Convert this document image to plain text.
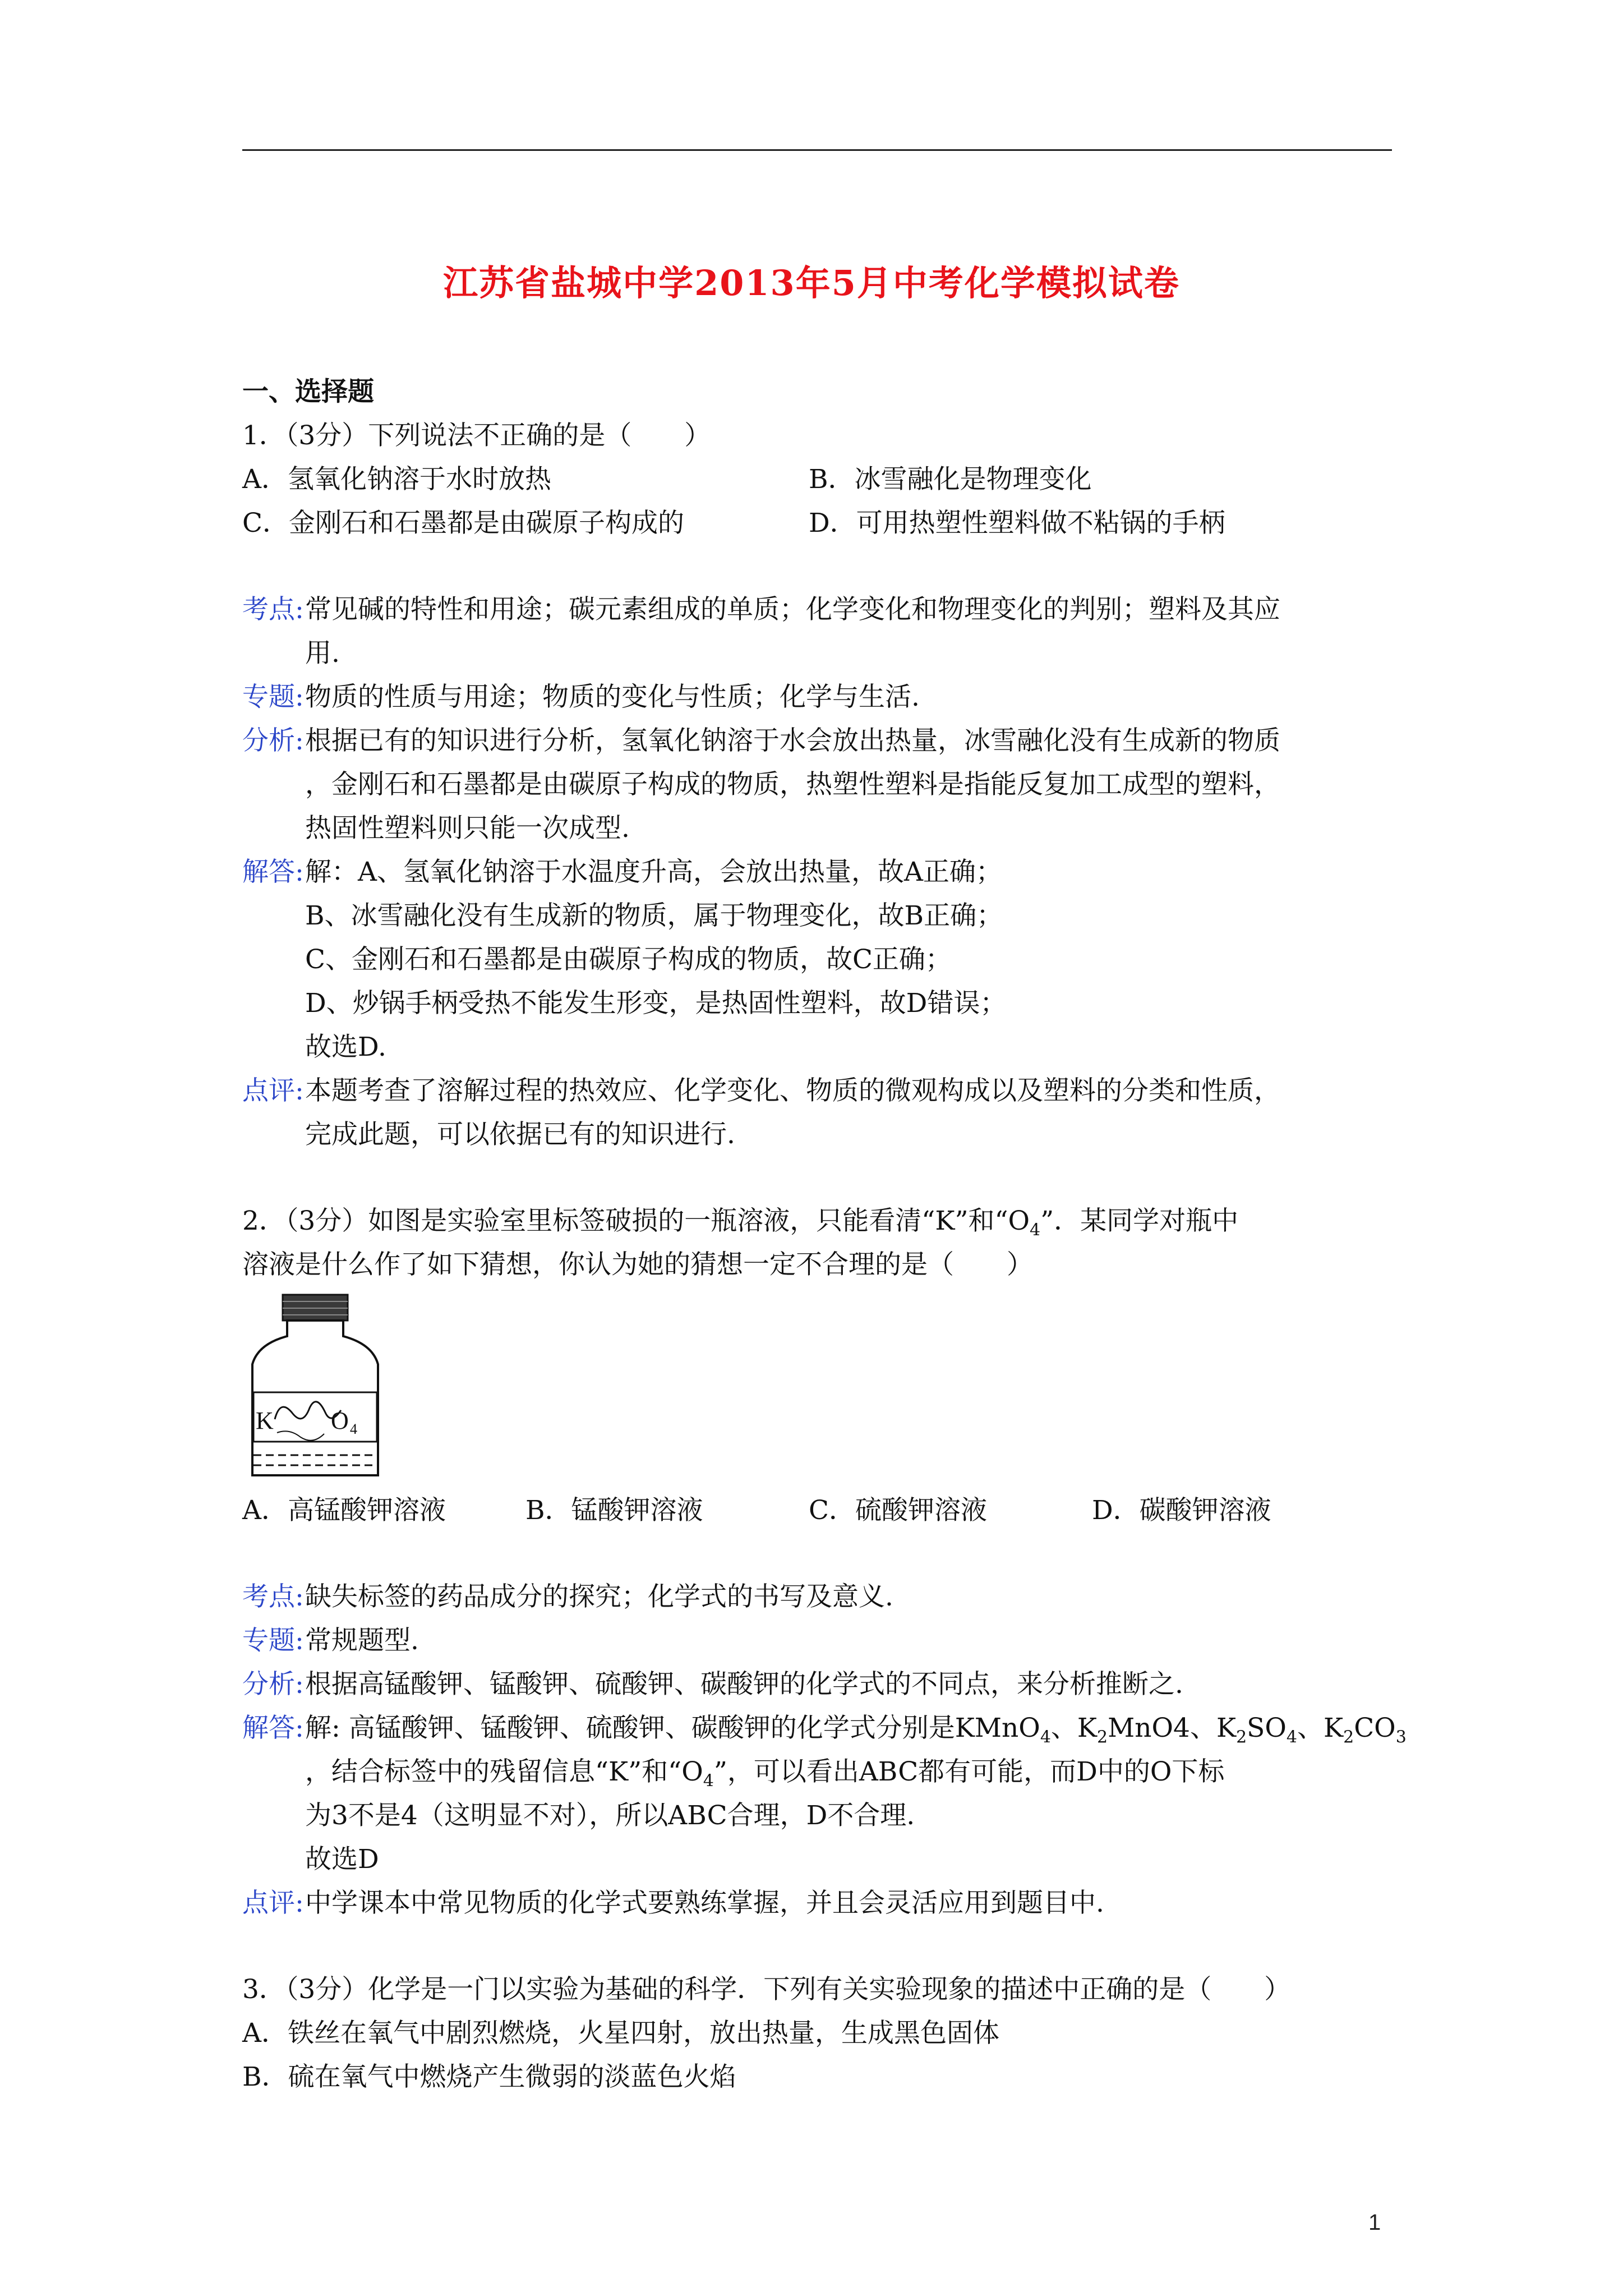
江苏省盐城中学2013年5月中考化学模拟试卷
一、选择题
1．（3分）下列说法不正确的是（　　）
A．氢氧化钠溶于水时放热	B．冰雪融化是物理变化
C．金刚石和石墨都是由碳原子构成的	D．可用热塑性塑料做不粘锅的手柄
考点: 常见碱的特性和用途；碳元素组成的单质；化学变化和物理变化的判别；塑料及其应
用.
专题: 物质的性质与用途；物质的变化与性质；化学与生活.
分析: 根据已有的知识进行分析，氢氧化钠溶于水会放出热量，冰雪融化没有生成新的物质
，金刚石和石墨都是由碳原子构成的物质，热塑性塑料是指能反复加工成型的塑料，
热固性塑料则只能一次成型.
解答: 解：A、氢氧化钠溶于水温度升高，会放出热量，故A正确；
B、冰雪融化没有生成新的物质，属于物理变化，故B正确；
C、金刚石和石墨都是由碳原子构成的物质，故C正确；
D、炒锅手柄受热不能发生形变，是热固性塑料，故D错误；
故选D.
点评: 本题考查了溶解过程的热效应、化学变化、物质的微观构成以及塑料的分类和性质，
完成此题，可以依据已有的知识进行.
2．（3分）如图是实验室里标签破损的一瓶溶液，只能看清“K”和“$O_4$”．某同学对瓶中
溶液是什么作了如下猜想，你认为她的猜想一定不合理的是（　　）
K O 4
A．高锰酸钾溶液	B．锰酸钾溶液	C．硫酸钾溶液	D．碳酸钾溶液
考点: 缺失标签的药品成分的探究；化学式的书写及意义.
专题: 常规题型.
分析: 根据高锰酸钾、锰酸钾、硫酸钾、碳酸钾的化学式的不同点，来分析推断之.
解答: 解: 高锰酸钾、锰酸钾、硫酸钾、碳酸钾的化学式分别是KMnO$_4$、$K_2MnO4$、$K_2SO_4$、$K_2CO_3$
，结合标签中的残留信息“K”和“$O_4$”，可以看出ABC都有可能，而D中的O下标
为3不是4（这明显不对），所以ABC合理，D不合理.
故选D
点评: 中学课本中常见物质的化学式要熟练掌握，并且会灵活应用到题目中.
3．（3分）化学是一门以实验为基础的科学．下列有关实验现象的描述中正确的是（　　）
A．铁丝在氧气中剧烈燃烧，火星四射，放出热量，生成黑色固体
B．硫在氧气中燃烧产生微弱的淡蓝色火焰
1
